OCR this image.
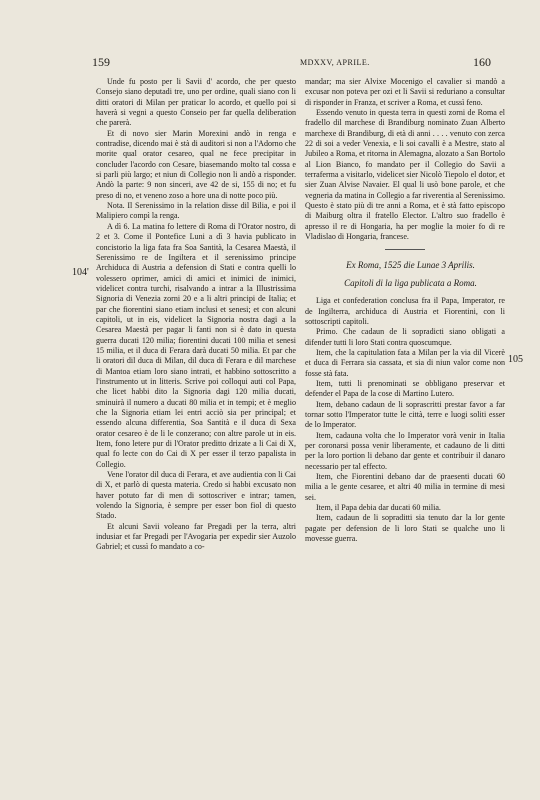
159	MDXXV, APRILE.	160
104'
105

Unde fu posto per li Savii d' acordo, che per questo Consejo siano deputadi tre, uno per ordine, quali siano con li ditti oratori di Milan per praticar lo acordo, et quello poi si haverà si vegni a questo Conseio per far quella deliberation che parerà.

Et di novo sier Marin Morexini andò in renga e contradise, dicendo mai è stà di auditori si non a l'Adorno che morite qual orator cesareo, qual ne fece precipitar in concluder l'acordo con Cesare, biasemando molto tal cossa e si parli più largo; et niun di Collegio non li andò a risponder. Andò la parte: 9 non sinceri, ave 42 de si, 155 di no; et fu preso di no, et veneno zoso a hore una di notte poco più.

Nota. Il Serenissimo in la relation disse dil Bilia, e poi il Malipiero compì la renga.

A dì 6. La matina fo lettere di Roma di l'Orator nostro, di 2 et 3. Come il Pontefice Luni a dì 3 havia publicato in concistorio la liga fata fra Soa Santità, la Cesarea Maestà, il Serenissimo re de Ingiltera et il serenissimo principe Archiduca di Austria a defension di Stati e contra quelli lo volessero oprimer, amici di amici et inimici de inimici, videlicet contra turchi, risalvando a intrar a la Illustrissima Signoria di Venezia zorni 20 e a li altri principi de Italia; et par che fiorentini siano etiam inclusi et senesi; et con alcuni capitoli, ut in eis, videlicet la Signoria nostra dagi a la Cesarea Maestà per pagar li fanti non si è dato in questa guerra ducati 120 milia; fiorentini ducati 100 milia et senesi 15 milia, et il duca di Ferara darà ducati 50 milia. Et par che li oratori dil duca di Milan, dil duca di Ferara e dil marchese di Mantoa etiam loro siano intrati, et habbino sottoscritto a l'instrumento ut in litteris. Scrive poi colloqui auti col Papa, che licet habbi dito la Signoria dagi 120 milia ducati, sminuirà il numero a ducati 80 milia et in tempi; et è meglio che la Signoria etiam lei entri acciò sia per principal; et essendo alcuna differentia, Soa Santità e il duca di Sexa orator cesareo è de li le conzerano; con altre parole ut in eis. Item, fono letere pur di l'Orator preditto drizate a li Cai di X, qual fo lecte con do Cai di X per esser il terzo papalista in Collegio.

Vene l'orator dil duca di Ferara, et ave audientia con li Cai di X, et parlò di questa materia. Credo si habbi excusato non haver potuto far di men di sottoscriver e intrar; tamen, volendo la Signoria, è sempre per esser bon fiol di questo Stado.

Et alcuni Savii voleano far Pregadi per la terra, altri indusiar et far Pregadi per l'Avogaria per expedir sier Auzolo Gabriel; et cussì fo mandato a co-

mandar; ma sier Alvixe Mocenigo el cavalier si mandò a excusar non poteva per ozi et li Savii si reduriano a consultar di risponder in Franza, et scriver a Roma, et cussì feno.

Essendo venuto in questa terra in questi zorni de Roma el fradello dil marchese di Brandiburg nominato Zuan Alberto marchexe di Brandiburg, di età di anni . . . . venuto con zerca 22 di soi a veder Venexia, e li soi cavalli è a Mestre, stato al Jubileo a Roma, et ritorna in Alemagna, alozato a San Bortolo al Lion Bianco, fo mandato per il Collegio do Savii a terraferma a visitarlo, videlicet sier Nicolò Tiepolo el dotor, et sier Zuan Alvise Navaier. El qual li usò bone parole, et che vegneria da matina in Collegio a far riverentia al Serenissimo. Questo è stato più di tre anni a Roma, et è stà fatto episcopo di Maiburg oltra il fratello Elector. L'altro suo fradello è apresso il re di Hongaria, ha per moglie la moier fo di re Vladislao di Hongaria, francese.

Ex Roma, 1525 die Lunae 3 Aprilis.

Capitoli di la liga publicata a Roma.

Liga et confederation conclusa fra il Papa, Imperator, re de Ingilterra, archiduca di Austria et Fiorentini, con li sottoscripti capitoli.

Primo. Che cadaun de li sopradicti siano obligati a difender tutti li loro Stati contra quoscumque.

Item, che la capitulation fata a Milan per la via dil Vicerè et duca di Ferrara sia cassata, et sia di niun valor come non fosse stà fata.

Item, tutti li prenominati se obbligano preservar et defender el Papa de la cose di Martino Lutero.

Item, debano cadaun de li soprascritti prestar favor a far tornar sotto l'Imperator tutte le città, terre e luogi soliti esser de lo Imperator.

Item, cadauna volta che lo Imperator vorà venir in Italia per coronarsi possa venir liberamente, et cadauno de li ditti per la loro portion li debano dar gente et contribuir il danaro necessario per tal effecto.

Item, che Fiorentini debano dar de praesenti ducati 60 milia a le gente cesaree, et altri 40 milia in termine di mesi sei.

Item, il Papa debia dar ducati 60 milia.

Item, cadaun de li sopraditti sia tenuto dar la lor gente pagate per defension de li loro Stati se qualche uno li movesse guerra.
